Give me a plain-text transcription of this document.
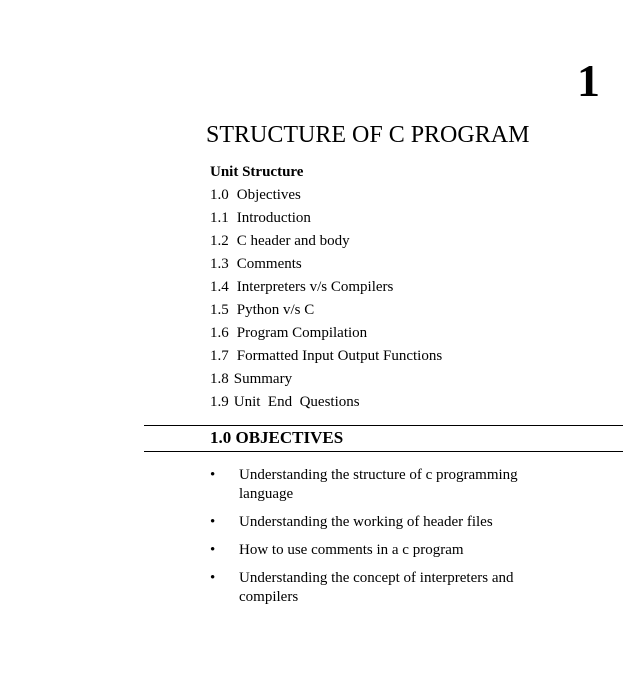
1
STRUCTURE OF C PROGRAM
Unit Structure
1.0 Objectives
1.1 Introduction
1.2 C header and body
1.3 Comments
1.4 Interpreters v/s Compilers
1.5 Python v/s C
1.6 Program Compilation
1.7 Formatted Input Output Functions
1.8 Summary
1.9 Unit  End  Questions
1.0 OBJECTIVES
• Understanding the structure of c programming language
• Understanding the working of header files
• How to use comments in a c program
• Understanding the concept of interpreters and compilers
